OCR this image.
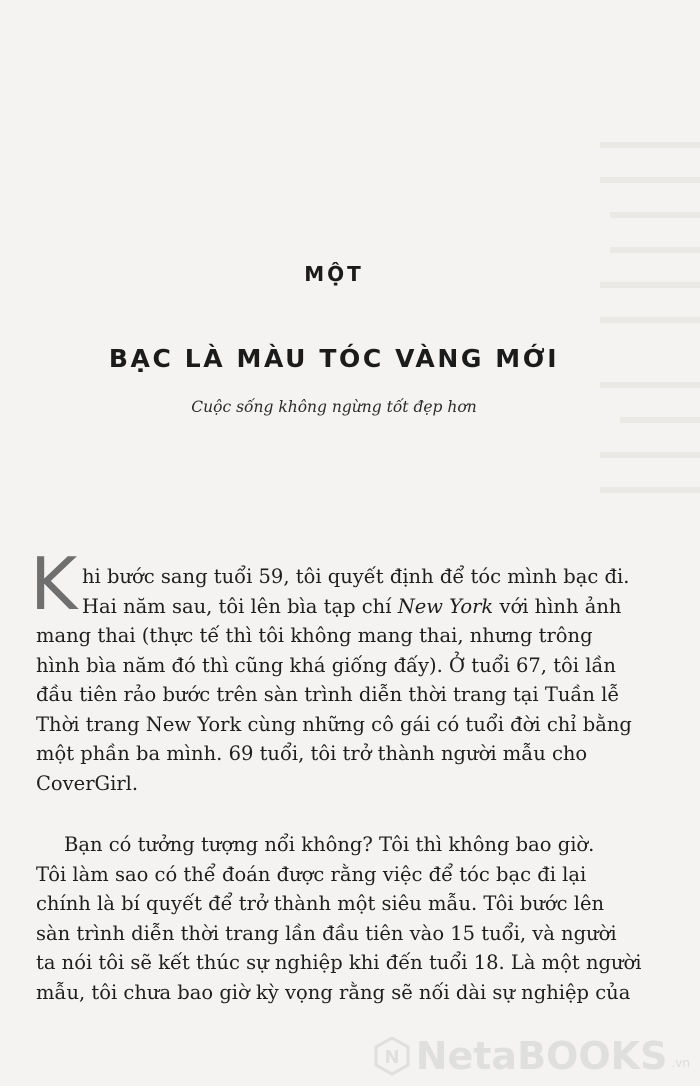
MỘT
BẠC LÀ MÀU TÓC VÀNG MỚI
Cuộc sống không ngừng tốt đẹp hơn
K hi bước sang tuổi 59, tôi quyết định để tóc mình bạc đi.
Hai năm sau, tôi lên bìa tạp chí New York với hình ảnh
mang thai (thực tế thì tôi không mang thai, nhưng trông
hình bìa năm đó thì cũng khá giống đấy). Ở tuổi 67, tôi lần
đầu tiên rảo bước trên sàn trình diễn thời trang tại Tuần lễ
Thời trang New York cùng những cô gái có tuổi đời chỉ bằng
một phần ba mình. 69 tuổi, tôi trở thành người mẫu cho
CoverGirl.
Bạn có tưởng tượng nổi không? Tôi thì không bao giờ.
Tôi làm sao có thể đoán được rằng việc để tóc bạc đi lại
chính là bí quyết để trở thành một siêu mẫu. Tôi bước lên
sàn trình diễn thời trang lần đầu tiên vào 15 tuổi, và người
ta nói tôi sẽ kết thúc sự nghiệp khi đến tuổi 18. Là một người
mẫu, tôi chưa bao giờ kỳ vọng rằng sẽ nối dài sự nghiệp của
N NetaBOOKS .vn
